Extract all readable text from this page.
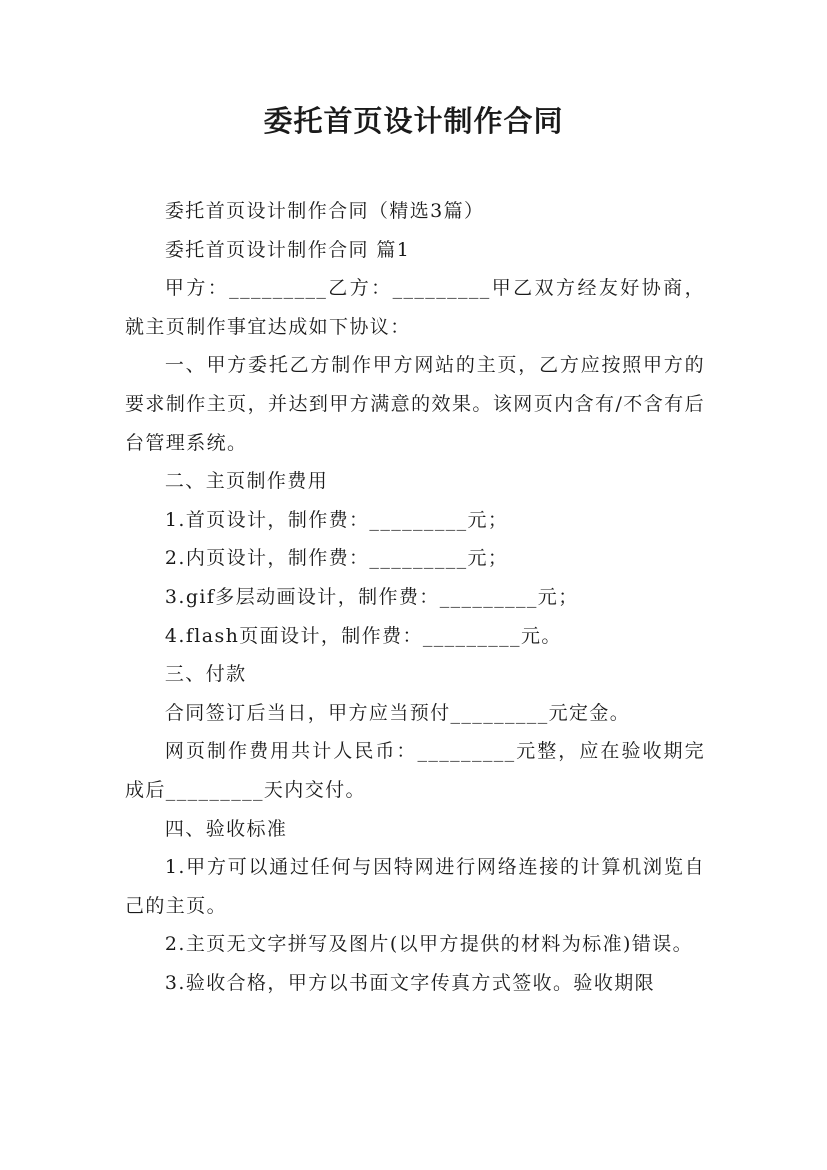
委托首页设计制作合同

委托首页设计制作合同（精选3篇）

委托首页设计制作合同 篇1

甲方：_________乙方：_________甲乙双方经友好协商，就主页制作事宜达成如下协议：

一、甲方委托乙方制作甲方网站的主页，乙方应按照甲方的要求制作主页，并达到甲方满意的效果。该网页内含有/不含有后台管理系统。

二、主页制作费用

1.首页设计，制作费：_________元；

2.内页设计，制作费：_________元；

3.gif多层动画设计，制作费：_________元；

4.flash页面设计，制作费：_________元。

三、付款

合同签订后当日，甲方应当预付_________元定金。

网页制作费用共计人民币：_________元整，应在验收期完成后_________天内交付。

四、验收标准

1.甲方可以通过任何与因特网进行网络连接的计算机浏览自己的主页。

2.主页无文字拼写及图片(以甲方提供的材料为标准)错误。

3.验收合格，甲方以书面文字传真方式签收。验收期限
